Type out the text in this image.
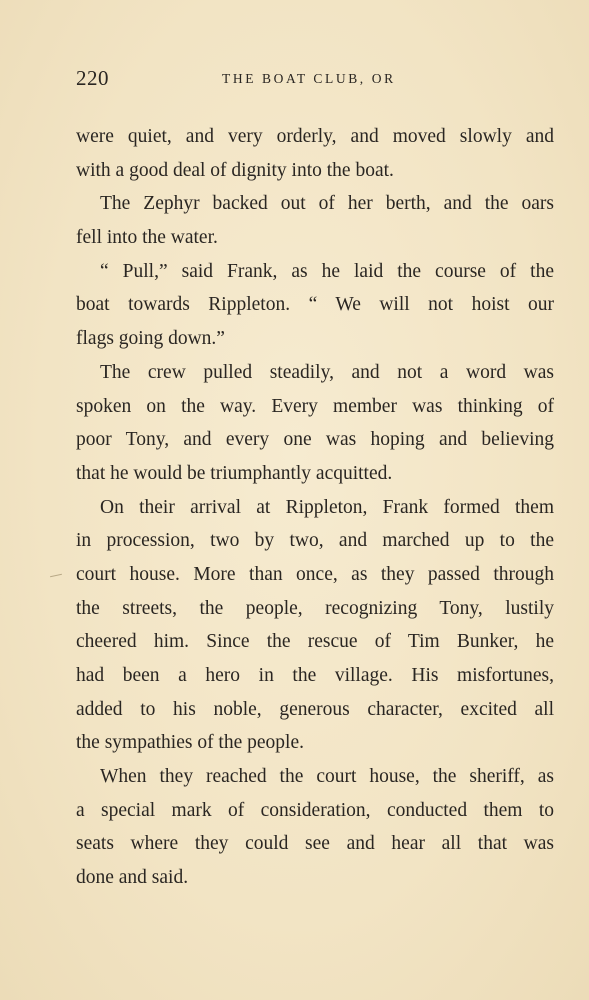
220	THE BOAT CLUB, OR
were quiet, and very orderly, and moved slowly and
with a good deal of dignity into the boat.
The Zephyr backed out of her berth, and the oars
fell into the water.
“ Pull,” said Frank, as he laid the course of the
boat towards Rippleton. “ We will not hoist our
flags going down.”
The crew pulled steadily, and not a word was
spoken on the way. Every member was thinking of
poor Tony, and every one was hoping and believing
that he would be triumphantly acquitted.
On their arrival at Rippleton, Frank formed them
in procession, two by two, and marched up to the
court house. More than once, as they passed through
the streets, the people, recognizing Tony, lustily
cheered him. Since the rescue of Tim Bunker, he
had been a hero in the village. His misfortunes,
added to his noble, generous character, excited all
the sympathies of the people.
When they reached the court house, the sheriff, as
a special mark of consideration, conducted them to
seats where they could see and hear all that was
done and said.
